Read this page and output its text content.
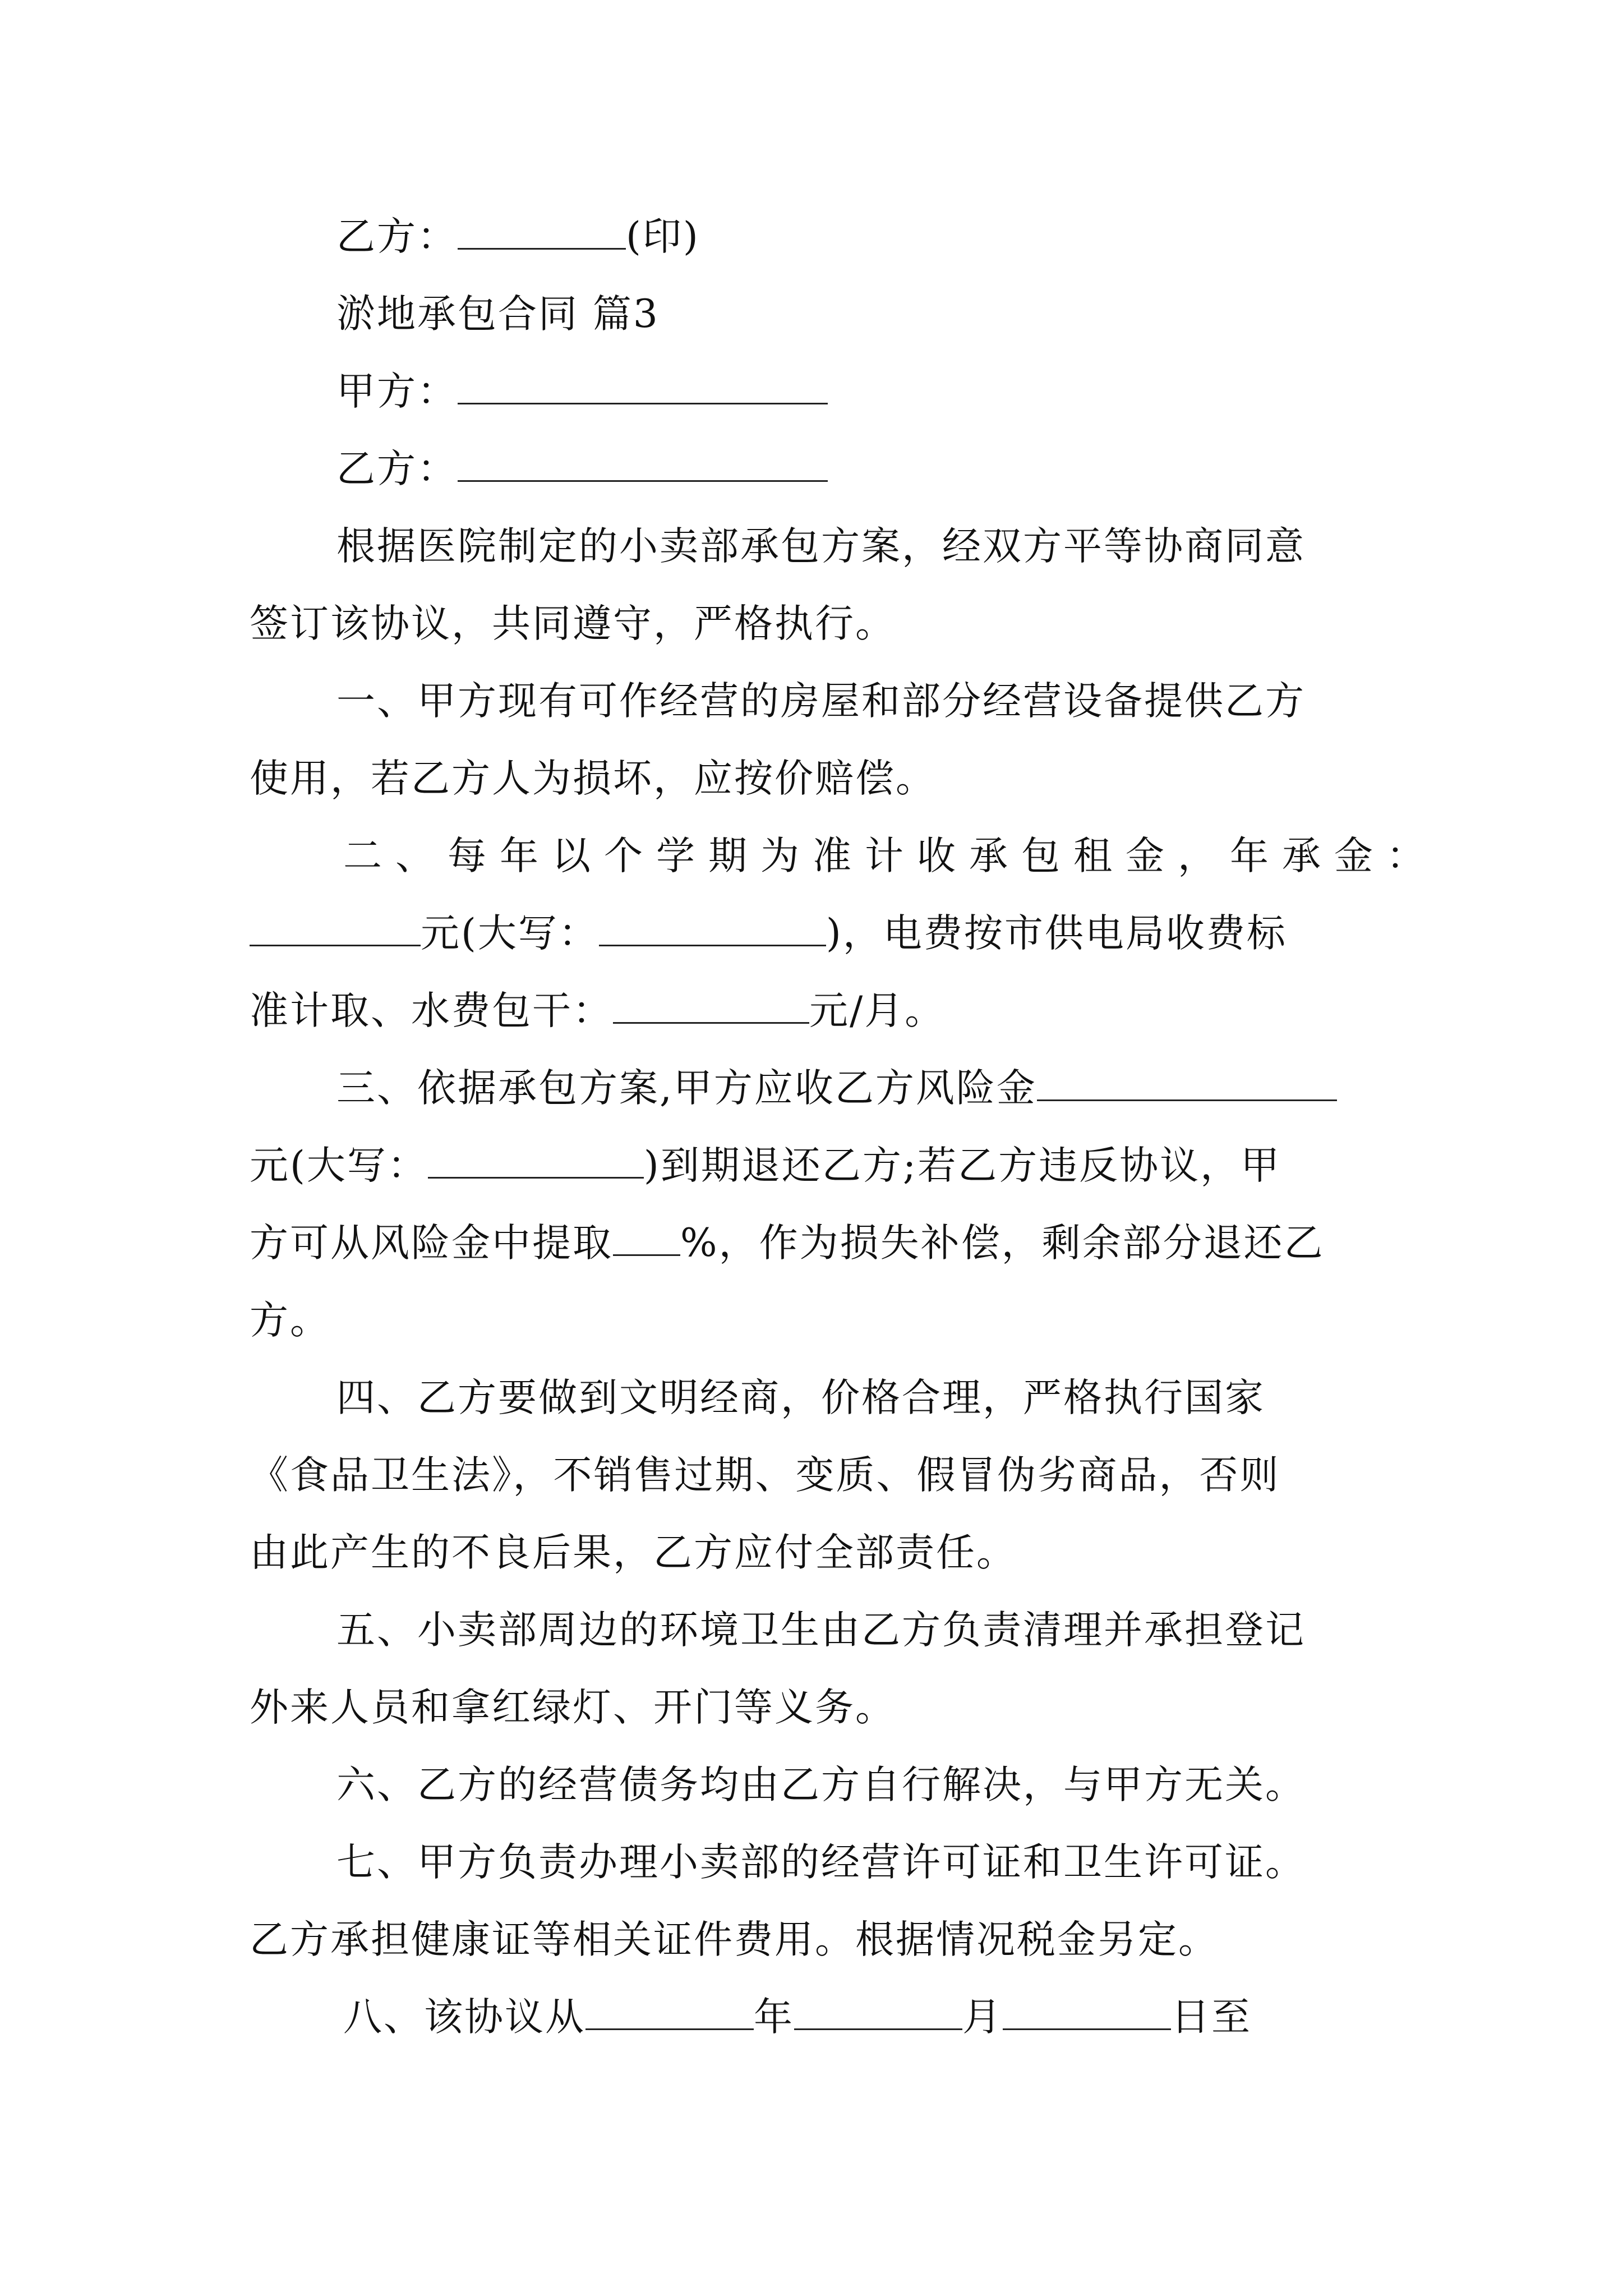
乙方：	(印)
淤地承包合同 篇3
甲方：
乙方：
根据医院制定的小卖部承包方案，经双方平等协商同意
签订该协议，共同遵守，严格执行。
一、甲方现有可作经营的房屋和部分经营设备提供乙方
使用，若乙方人为损坏，应按价赔偿。
二、每年以个学期为准计收承包租金，年承金：
元(大写：	)，电费按市供电局收费标
准计取、水费包干：	元/月。
三、依据承包方案,甲方应收乙方风险金
元(大写：	)到期退还乙方;若乙方违反协议，甲
方可从风险金中提取 %，作为损失补偿，剩余部分退还乙
方。
四、乙方要做到文明经商，价格合理，严格执行国家
《食品卫生法》，不销售过期、变质、假冒伪劣商品，否则
由此产生的不良后果，乙方应付全部责任。
五、小卖部周边的环境卫生由乙方负责清理并承担登记
外来人员和拿红绿灯、开门等义务。
六、乙方的经营债务均由乙方自行解决，与甲方无关。
七、甲方负责办理小卖部的经营许可证和卫生许可证。
乙方承担健康证等相关证件费用。根据情况税金另定。
八、该协议从	年	月	日至
